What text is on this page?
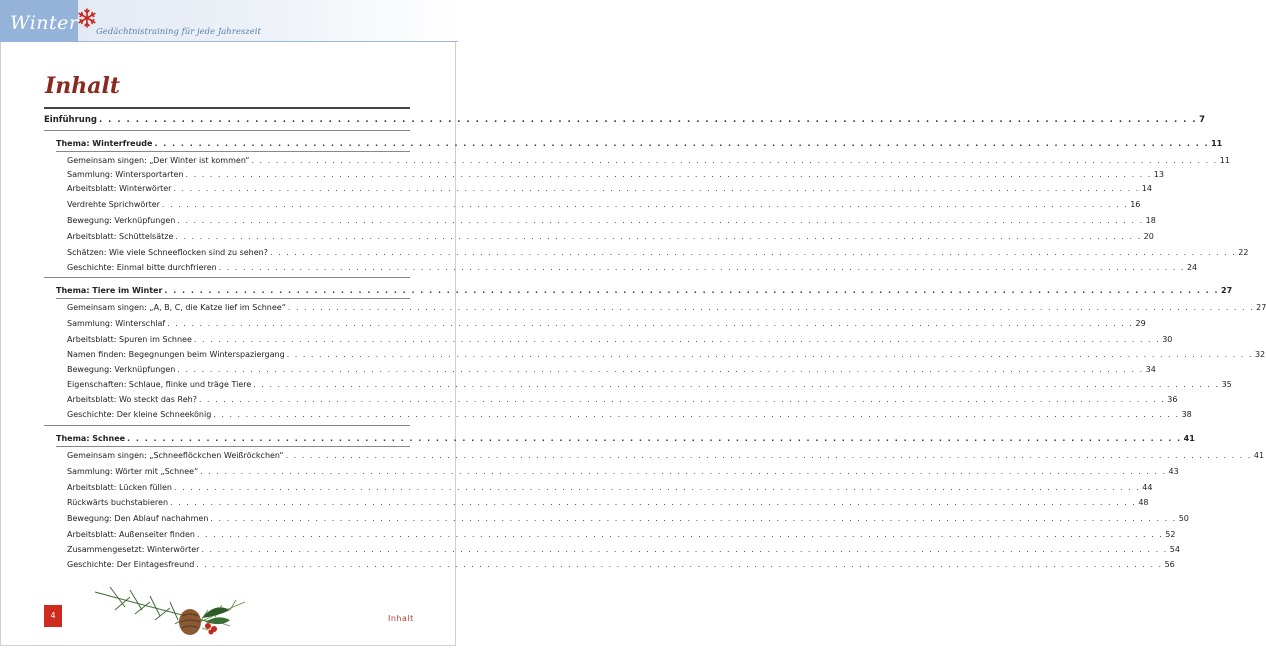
Winter Gedächtnistraining für jede Jahreszeit
Inhalt
Einführung . . . . . . . . . . . . . . . . . . . . . . . . . . . . . . . . . . . . . . . . . . . . . . . . . . . . . . . . . . . . . . . . . . . . . . . . . . . . . . . . . . . . . . . . . . . . . . . . . . . . . . . . . . . . . . . . . . . . . . . . 7
Thema: Winterfreude . . . . . . . . . . . . . . . . . . . . . . . . . . . . . . . . . . . . . . . . . . . . . . . . . . . . . . . . . . . . . . . . . . . . . . . . . . . . . . . . . . . . . . . . . . . . . . . . . . . . . . . . . . . . . . . . . . . . . . . . 11
Gemeinsam singen: „Der Winter ist kommen“ . . . . . . . . . . . . . . . . . . . . . . . . . . . . . . . . . . . . . . . . . . . . . . . . . . . . . . . . . . . . . . . . . . . . . . . . . . . . . . . . . . . . . . . . . . . . . . . . . . . . . . . . . . . . . . . . . . . . . . . . 11
Sammlung: Wintersportarten . . . . . . . . . . . . . . . . . . . . . . . . . . . . . . . . . . . . . . . . . . . . . . . . . . . . . . . . . . . . . . . . . . . . . . . . . . . . . . . . . . . . . . . . . . . . . . . . . . . . . . . . . . . . . . . . . . . . . . . . 13
Arbeitsblatt: Winterwörter . . . . . . . . . . . . . . . . . . . . . . . . . . . . . . . . . . . . . . . . . . . . . . . . . . . . . . . . . . . . . . . . . . . . . . . . . . . . . . . . . . . . . . . . . . . . . . . . . . . . . . . . . . . . . . . . . . . . . . . . 14
Verdrehte Sprichwörter . . . . . . . . . . . . . . . . . . . . . . . . . . . . . . . . . . . . . . . . . . . . . . . . . . . . . . . . . . . . . . . . . . . . . . . . . . . . . . . . . . . . . . . . . . . . . . . . . . . . . . . . . . . . . . . . . . . . . . . . 16
Bewegung: Verknüpfungen . . . . . . . . . . . . . . . . . . . . . . . . . . . . . . . . . . . . . . . . . . . . . . . . . . . . . . . . . . . . . . . . . . . . . . . . . . . . . . . . . . . . . . . . . . . . . . . . . . . . . . . . . . . . . . . . . . . . . . . . 18
Arbeitsblatt: Schüttelsätze . . . . . . . . . . . . . . . . . . . . . . . . . . . . . . . . . . . . . . . . . . . . . . . . . . . . . . . . . . . . . . . . . . . . . . . . . . . . . . . . . . . . . . . . . . . . . . . . . . . . . . . . . . . . . . . . . . . . . . . . 20
Schätzen: Wie viele Schneeflocken sind zu sehen? . . . . . . . . . . . . . . . . . . . . . . . . . . . . . . . . . . . . . . . . . . . . . . . . . . . . . . . . . . . . . . . . . . . . . . . . . . . . . . . . . . . . . . . . . . . . . . . . . . . . . . . . . . . . . . . . . . . . . . . . 22
Geschichte: Einmal bitte durchfrieren . . . . . . . . . . . . . . . . . . . . . . . . . . . . . . . . . . . . . . . . . . . . . . . . . . . . . . . . . . . . . . . . . . . . . . . . . . . . . . . . . . . . . . . . . . . . . . . . . . . . . . . . . . . . . . . . . . . . . . . . 24
Thema: Tiere im Winter . . . . . . . . . . . . . . . . . . . . . . . . . . . . . . . . . . . . . . . . . . . . . . . . . . . . . . . . . . . . . . . . . . . . . . . . . . . . . . . . . . . . . . . . . . . . . . . . . . . . . . . . . . . . . . . . . . . . . . . . 27
Gemeinsam singen: „A, B, C, die Katze lief im Schnee“ . . . . . . . . . . . . . . . . . . . . . . . . . . . . . . . . . . . . . . . . . . . . . . . . . . . . . . . . . . . . . . . . . . . . . . . . . . . . . . . . . . . . . . . . . . . . . . . . . . . . . . . . . . . . . . . . . . . . . . . . 27
Sammlung: Winterschlaf . . . . . . . . . . . . . . . . . . . . . . . . . . . . . . . . . . . . . . . . . . . . . . . . . . . . . . . . . . . . . . . . . . . . . . . . . . . . . . . . . . . . . . . . . . . . . . . . . . . . . . . . . . . . . . . . . . . . . . . . 29
Arbeitsblatt: Spuren im Schnee . . . . . . . . . . . . . . . . . . . . . . . . . . . . . . . . . . . . . . . . . . . . . . . . . . . . . . . . . . . . . . . . . . . . . . . . . . . . . . . . . . . . . . . . . . . . . . . . . . . . . . . . . . . . . . . . . . . . . . . . 30
Namen finden: Begegnungen beim Winterspaziergang . . . . . . . . . . . . . . . . . . . . . . . . . . . . . . . . . . . . . . . . . . . . . . . . . . . . . . . . . . . . . . . . . . . . . . . . . . . . . . . . . . . . . . . . . . . . . . . . . . . . . . . . . . . . . . . . . . . . . . . . 32
Bewegung: Verknüpfungen . . . . . . . . . . . . . . . . . . . . . . . . . . . . . . . . . . . . . . . . . . . . . . . . . . . . . . . . . . . . . . . . . . . . . . . . . . . . . . . . . . . . . . . . . . . . . . . . . . . . . . . . . . . . . . . . . . . . . . . . 34
Eigenschaften: Schlaue, flinke und träge Tiere . . . . . . . . . . . . . . . . . . . . . . . . . . . . . . . . . . . . . . . . . . . . . . . . . . . . . . . . . . . . . . . . . . . . . . . . . . . . . . . . . . . . . . . . . . . . . . . . . . . . . . . . . . . . . . . . . . . . . . . . 35
Arbeitsblatt: Wo steckt das Reh? . . . . . . . . . . . . . . . . . . . . . . . . . . . . . . . . . . . . . . . . . . . . . . . . . . . . . . . . . . . . . . . . . . . . . . . . . . . . . . . . . . . . . . . . . . . . . . . . . . . . . . . . . . . . . . . . . . . . . . . . 36
Geschichte: Der kleine Schneekönig . . . . . . . . . . . . . . . . . . . . . . . . . . . . . . . . . . . . . . . . . . . . . . . . . . . . . . . . . . . . . . . . . . . . . . . . . . . . . . . . . . . . . . . . . . . . . . . . . . . . . . . . . . . . . . . . . . . . . . . . 38
Thema: Schnee . . . . . . . . . . . . . . . . . . . . . . . . . . . . . . . . . . . . . . . . . . . . . . . . . . . . . . . . . . . . . . . . . . . . . . . . . . . . . . . . . . . . . . . . . . . . . . . . . . . . . . . . . . . . . . . . . . . . . . . . 41
Gemeinsam singen: „Schneeflöckchen Weißröckchen“ . . . . . . . . . . . . . . . . . . . . . . . . . . . . . . . . . . . . . . . . . . . . . . . . . . . . . . . . . . . . . . . . . . . . . . . . . . . . . . . . . . . . . . . . . . . . . . . . . . . . . . . . . . . . . . . . . . . . . . . . 41
Sammlung: Wörter mit „Schnee“ . . . . . . . . . . . . . . . . . . . . . . . . . . . . . . . . . . . . . . . . . . . . . . . . . . . . . . . . . . . . . . . . . . . . . . . . . . . . . . . . . . . . . . . . . . . . . . . . . . . . . . . . . . . . . . . . . . . . . . . . 43
Arbeitsblatt: Lücken füllen . . . . . . . . . . . . . . . . . . . . . . . . . . . . . . . . . . . . . . . . . . . . . . . . . . . . . . . . . . . . . . . . . . . . . . . . . . . . . . . . . . . . . . . . . . . . . . . . . . . . . . . . . . . . . . . . . . . . . . . . 44
Rückwärts buchstabieren . . . . . . . . . . . . . . . . . . . . . . . . . . . . . . . . . . . . . . . . . . . . . . . . . . . . . . . . . . . . . . . . . . . . . . . . . . . . . . . . . . . . . . . . . . . . . . . . . . . . . . . . . . . . . . . . . . . . . . . . 48
Bewegung: Den Ablauf nachahmen . . . . . . . . . . . . . . . . . . . . . . . . . . . . . . . . . . . . . . . . . . . . . . . . . . . . . . . . . . . . . . . . . . . . . . . . . . . . . . . . . . . . . . . . . . . . . . . . . . . . . . . . . . . . . . . . . . . . . . . . 50
Arbeitsblatt: Außenseiter finden . . . . . . . . . . . . . . . . . . . . . . . . . . . . . . . . . . . . . . . . . . . . . . . . . . . . . . . . . . . . . . . . . . . . . . . . . . . . . . . . . . . . . . . . . . . . . . . . . . . . . . . . . . . . . . . . . . . . . . . . 52
Zusammengesetzt: Winterwörter . . . . . . . . . . . . . . . . . . . . . . . . . . . . . . . . . . . . . . . . . . . . . . . . . . . . . . . . . . . . . . . . . . . . . . . . . . . . . . . . . . . . . . . . . . . . . . . . . . . . . . . . . . . . . . . . . . . . . . . . 54
Geschichte: Der Eintagesfreund . . . . . . . . . . . . . . . . . . . . . . . . . . . . . . . . . . . . . . . . . . . . . . . . . . . . . . . . . . . . . . . . . . . . . . . . . . . . . . . . . . . . . . . . . . . . . . . . . . . . . . . . . . . . . . . . . . . . . . . . 56
4	Inhalt
